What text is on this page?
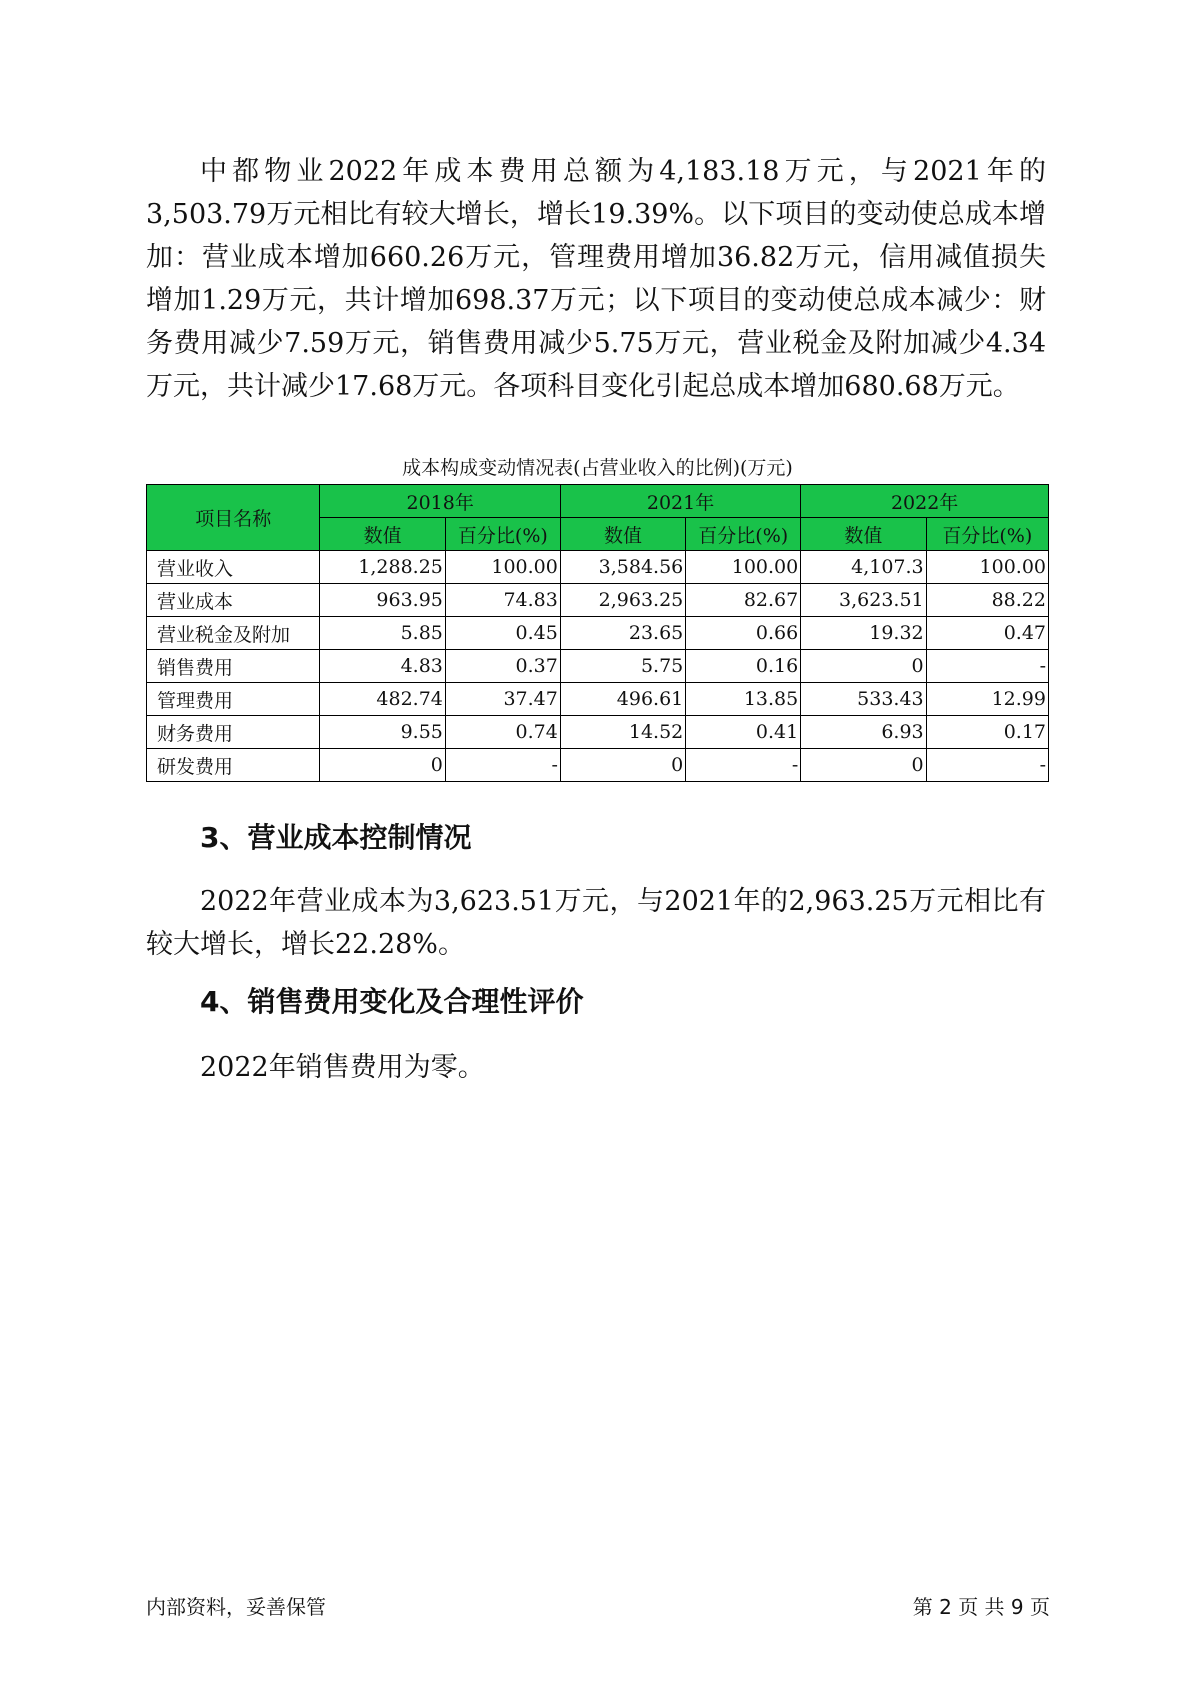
中都物业2022年成本费用总额为4,183.18万元，与2021年的3,503.79万元相比有较大增长，增长19.39%。以下项目的变动使总成本增加：营业成本增加660.26万元，管理费用增加36.82万元，信用减值损失增加1.29万元，共计增加698.37万元；以下项目的变动使总成本减少：财务费用减少7.59万元，销售费用减少5.75万元，营业税金及附加减少4.34万元，共计减少17.68万元。各项科目变化引起总成本增加680.68万元。

成本构成变动情况表(占营业收入的比例)(万元)
项目名称	2018年		2021年		2022年	
	数值	百分比(%)	数值	百分比(%)	数值	百分比(%)
营业收入	1,288.25	100.00	3,584.56	100.00	4,107.3	100.00
营业成本	963.95	74.83	2,963.25	82.67	3,623.51	88.22
营业税金及附加	5.85	0.45	23.65	0.66	19.32	0.47
销售费用	4.83	0.37	5.75	0.16	0	-
管理费用	482.74	37.47	496.61	13.85	533.43	12.99
财务费用	9.55	0.74	14.52	0.41	6.93	0.17
研发费用	0	-	0	-	0	-
3、营业成本控制情况

2022年营业成本为3,623.51万元，与2021年的2,963.25万元相比有较大增长，增长22.28%。

4、销售费用变化及合理性评价

2022年销售费用为零。

内部资料，妥善保管	第 2 页 共 9 页
